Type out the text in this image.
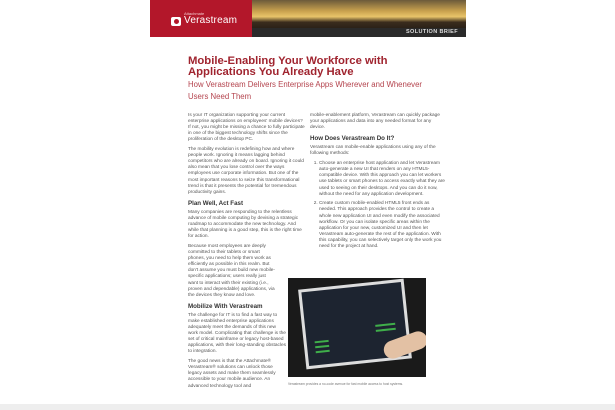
Attachmate
Verastream
SOLUTION BRIEF
Mobile-Enabling Your Workforce with Applications You Already Have
How Verastream Delivers Enterprise Apps Wherever and Whenever Users Need Them

Is your IT organization supporting your current enterprise applications on employees' mobile devices? If not, you might be missing a chance to fully participate in one of the biggest technology shifts since the proliferation of the desktop PC.

The mobility evolution is redefining how and where people work. Ignoring it means lagging behind competitors who are already on board. Ignoring it could also mean that you lose control over the ways employees use corporate information. But one of the most important reasons to seize this transformational trend is that it presents the potential for tremendous productivity gains.

Plan Well, Act Fast

Many companies are responding to the relentless advance of mobile computing by devising a strategic roadmap to accommodate the new technology. And while that planning is a good step, this is the right time for action.

Because most employees are deeply committed to their tablets or smart phones, you need to help them work as efficiently as possible in this realm. But don't assume you must build new mobile-specific applications; users really just want to interact with their existing (i.e., proven and dependable) applications, via the devices they know and love.

Mobilize With Verastream

The challenge for IT is to find a fast way to make established enterprise applications adequately meet the demands of this new work model. Complicating that challenge is the set of critical mainframe or legacy host-based applications, with their long-standing obstacles to integration.

The good news is that the Attachmate® Verastream® solutions can unlock those legacy assets and make them seamlessly accessible to your mobile audience. An advanced technology tool and

mobile-enablement platform, Verastream can quickly package your applications and data into any needed format for any device.

How Does Verastream Do It?

Verastream can mobile-enable applications using any of the following methods:

1. Choose an enterprise host application and let Verastream auto-generate a new UI that renders on any HTML5-compatible device. With this approach you can let workers use tablets or smart phones to access exactly what they are used to seeing on their desktops. And you can do it now, without the need for any application development.
2. Create custom mobile-enabled HTML5 front ends as needed. This approach provides the control to create a whole new application UI and even modify the associated workflow. Or you can isolate specific areas within the application for your new, customized UI and then let Verastream auto-generate the rest of the application. With this capability, you can selectively target only the work you need for the project at hand.
Verastream provides a no-code avenue for fast mobile access to host systems.
